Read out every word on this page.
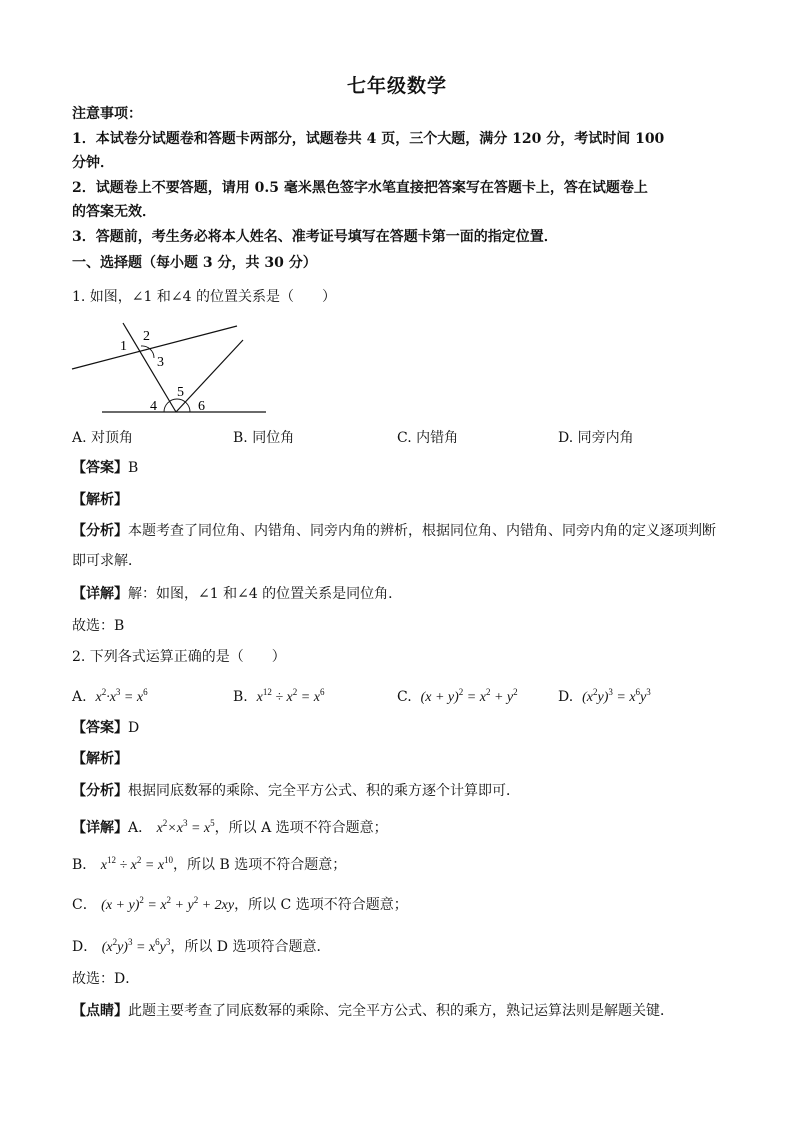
七年级数学
注意事项：
1．本试卷分试题卷和答题卡两部分，试题卷共 4 页，三个大题，满分 120 分，考试时间 100
分钟．
2．试题卷上不要答题，请用 0.5 毫米黑色签字水笔直接把答案写在答题卡上，答在试题卷上
的答案无效．
3．答题前，考生务必将本人姓名、准考证号填写在答题卡第一面的指定位置．
一、选择题（每小题 3 分，共 30 分）
1. 如图，∠1 和∠4 的位置关系是（　　）
1
2
3
4
5
6
A. 对顶角	B. 同位角	C. 内错角	D. 同旁内角
【答案】B
【解析】
【分析】本题考查了同位角、内错角、同旁内角的辨析，根据同位角、内错角、同旁内角的定义逐项判断
即可求解．
【详解】解：如图，∠1 和∠4 的位置关系是同位角．
故选：B
2. 下列各式运算正确的是（　　）
A. $x^2\cdot x^3 = x^6$	B. $x^{12} \div x^2 = x^6$	C. $(x + y)^2 = x^2 + y^2$	D. $(x^2y)^3 = x^6y^3$
【答案】D
【解析】
【分析】根据同底数幂的乘除、完全平方公式、积的乘方逐个计算即可．
【详解】A． $x^2\times x^3 = x^5$，所以 A 选项不符合题意；
B． $x^{12} \div x^2 = x^{10}$，所以 B 选项不符合题意；
C． $(x + y)^2 = x^2 + y^2 + 2xy$，所以 C 选项不符合题意；
D． $(x^2y)^3 = x^6y^3$，所以 D 选项符合题意．
故选：D．
【点睛】此题主要考查了同底数幂的乘除、完全平方公式、积的乘方，熟记运算法则是解题关键．
